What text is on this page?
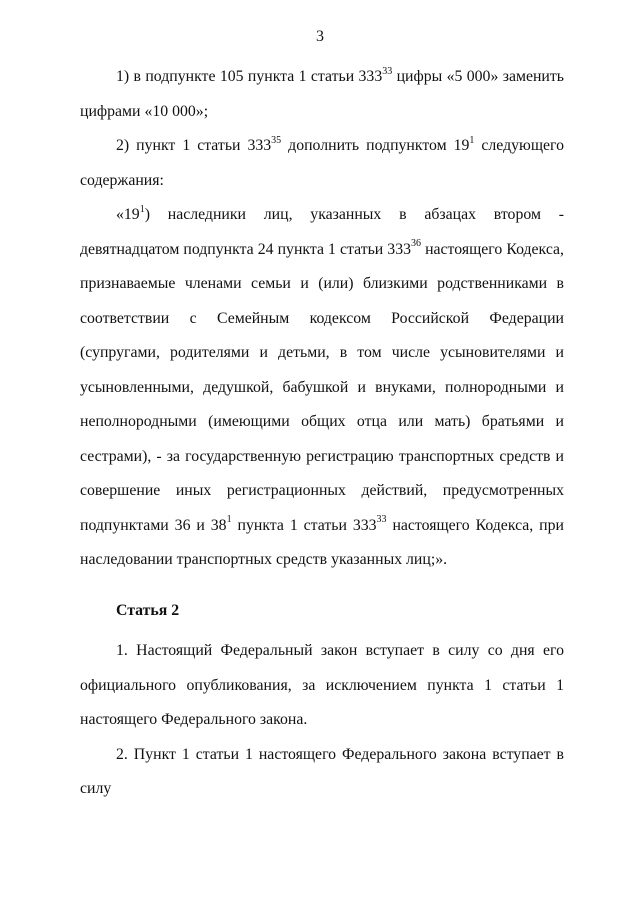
3

1) в подпункте 105 пункта 1 статьи $333^{33}$ цифры «5 000» заменить цифрами «10 000»;

2) пункт 1 статьи $333^{35}$ дополнить подпунктом $19^1$ следующего содержания:

«$19^1$) наследники лиц, указанных в абзацах втором - девятнадцатом подпункта 24 пункта 1 статьи $333^{36}$ настоящего Кодекса, признаваемые членами семьи и (или) близкими родственниками в соответствии с Семейным кодексом Российской Федерации (супругами, родителями и детьми, в том числе усыновителями и усыновленными, дедушкой, бабушкой и внуками, полнородными и неполнородными (имеющими общих отца или мать) братьями и сестрами), - за государственную регистрацию транспортных средств и совершение иных регистрационных действий, предусмотренных подпунктами 36 и $38^1$ пункта 1 статьи $333^{33}$ настоящего Кодекса, при наследовании транспортных средств указанных лиц;».

Статья 2

1. Настоящий Федеральный закон вступает в силу со дня его официального опубликования, за исключением пункта 1 статьи 1 настоящего Федерального закона.

2. Пункт 1 статьи 1 настоящего Федерального закона вступает в силу
